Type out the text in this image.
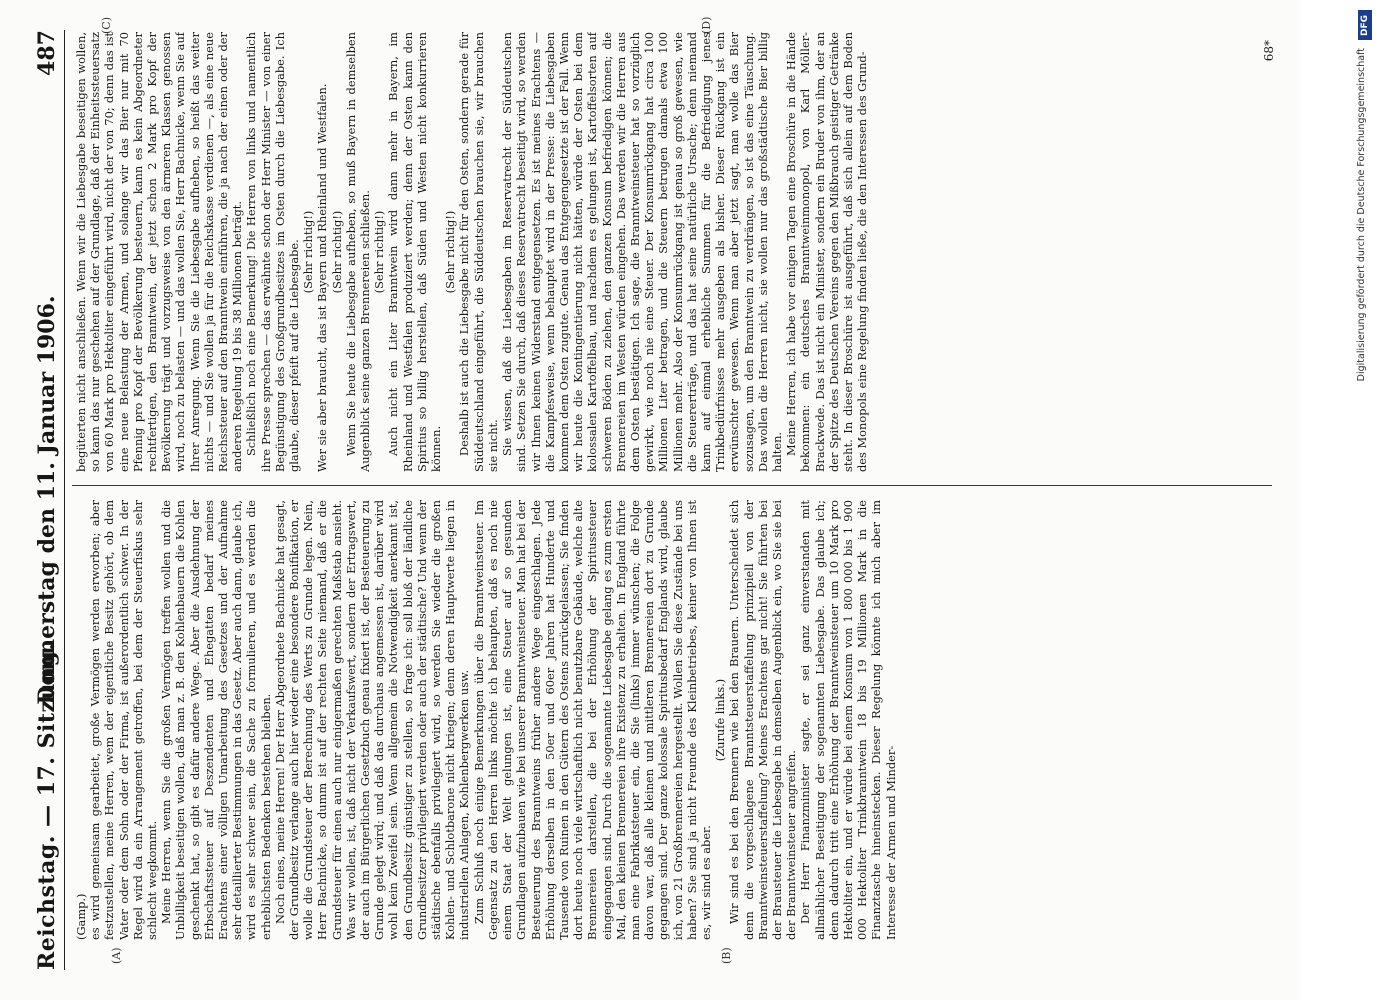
Reichstag. — 17. Sitzung.
Donnerstag den 11. Januar 1906.
487
(A)	(B)
(C)	(D)

(Gamp.) es wird gemeinsam gearbeitet, große Vermögen werden erworben; aber festzustellen, meine Herren, wem der eigentliche Besitz gehört, ob dem Vater oder dem Sohn oder der Firma, ist außerordentlich schwer. In der Regel wird da ein Arrangement getroffen, bei dem der Steuerfiskus sehr schlecht wegkommt. Meine Herren, wenn Sie die großen Vermögen treffen wollen und die Unbilligkeit beseitigen wollen, daß man z. B. den Kohlenbauern die Kohlen geschenkt hat, so gibt es dafür andere Wege. Aber die Ausdehnung der Erbschaftssteuer auf Deszendenten und Ehegatten bedarf meines Erachtens einer völligen Umarbeitung des Gesetzes und der Aufnahme sehr detaillierter Bestimmungen in das Gesetz. Aber auch dann, glaube ich, wird es sehr schwer sein, die Sache zu formulieren, und es werden die erheblichsten Bedenken bestehen bleiben. Noch eines, meine Herren! Der Herr Abgeordnete Bachnicke hat gesagt, der Grundbesitz verlange auch hier wieder eine besondere Bonifikation, er wolle die Grundsteuer der Berechnung des Werts zu Grunde legen. Nein, Herr Bachnicke, so dumm ist auf der rechten Seite niemand, daß er die Grundsteuer für einen auch nur einigermaßen gerechten Maßstab ansieht. Was wir wollen, ist, daß nicht der Verkaufswert, sondern der Ertragswert, der auch im Bürgerlichen Gesetzbuch genau fixiert ist, der Besteuerung zu Grunde gelegt wird; und daß das durchaus angemessen ist, darüber wird wohl kein Zweifel sein. Wenn allgemein die Notwendigkeit anerkannt ist, den Grundbesitz günstiger zu stellen, so frage ich: soll bloß der ländliche Grundbesitzer privilegiert werden oder auch der städtische? Und wenn der städtische ebenfalls privilegiert wird, so werden Sie wieder die großen Kohlen- und Schlotbarone nicht kriegen; denn deren Hauptwerte liegen in industriellen Anlagen, Kohlenbergwerken usw. Zum Schluß noch einige Bemerkungen über die Branntweinsteuer. Im Gegensatz zu den Herren links möchte ich behaupten, daß es noch nie einem Staat der Welt gelungen ist, eine Steuer auf so gesunden Grundlagen aufzubauen wie bei unserer Branntweinsteuer. Man hat bei der Besteuerung des Branntweins früher andere Wege eingeschlagen. Jede Erhöhung derselben in den 50er und 60er Jahren hat Hunderte und Tausende von Ruinen in den Gütern des Ostens zurückgelassen; Sie finden dort heute noch viele wirtschaftlich nicht benutzbare Gebäude, welche alte Brennereien darstellen, die bei der Erhöhung der Spiritussteuer eingegangen sind. Durch die sogenannte Liebesgabe gelang es zum ersten Mal, den kleinen Brennereien ihre Existenz zu erhalten. In England führte man eine Fabrikatsteuer ein, die Sie (links) immer wünschen; die Folge davon war, daß alle kleinen und mittleren Brennereien dort zu Grunde gegangen sind. Der ganze kolossale Spiritusbedarf Englands wird, glaube ich, von 21 Großbrennereien hergestellt. Wollen Sie diese Zustände bei uns haben? Sie sind ja nicht Freunde des Kleinbetriebes, keiner von Ihnen ist es, wir sind es aber.

(Zurufe links.) Wir sind es bei den Brennern wie bei den Brauern. Unterscheidet sich denn die vorgeschlagene Branntsteuerstaffelung prinzipiell von der Branntweinsteuerstaffelung? Meines Erachtens gar nicht! Sie führten bei der Brausteuer die Liebesgabe in demselben Augenblick ein, wo Sie sie bei der Branntweinsteuer angreifen. Der Herr Finanzminister sagte, er sei ganz einverstanden mit allmählicher Beseitigung der sogenannten Liebesgabe. Das glaube ich; denn dadurch tritt eine Erhöhung der Branntweinsteuer um 10 Mark pro Hektoliter ein, und er würde bei einem Konsum von 1 800 000 bis 1 900 000 Hektoliter Trinkbranntwein 18 bis 19 Millionen Mark in die Finanztasche hineinstecken. Dieser Regelung könnte ich mich aber im Interesse der Armen und Minder-

begüterten nicht anschließen. Wenn wir die Liebesgabe beseitigen wollen, so kann das nur geschehen auf der Grundlage, daß der Einheitssteuersatz von 60 Mark pro Hektoliter eingeführt wird, nicht der von 70; denn das ist eine neue Belastung der Armen, und solange wir das Bier nur mit 70 Pfennig pro Kopf der Bevölkerung besteuern, kann es kein Abgeordneter rechtfertigen, den Branntwein, der jetzt schon 2 Mark pro Kopf der Bevölkerung trägt und vorzugsweise von den ärmeren Klassen genossen wird, noch zu belasten — und das wollen Sie, Herr Bachnicke, wenn Sie auf Ihrer Anregung. Wenn Sie die Liebesgabe aufheben, so heißt das weiter nichts — und Sie wollen ja für die Reichskasse verdienen —, als eine neue Reichssteuer auf den Branntwein einführen, die ja nach der einen oder der anderen Regelung 19 bis 38 Millionen beträgt. Schließlich noch eine Bemerkung! Die Herren von links und namentlich ihre Presse sprechen — das erwähnte schon der Herr Minister — von einer Begünstigung des Großgrundbesitzes im Osten durch die Liebesgabe. Ich glaube, dieser pfeift auf die Liebesgabe. (Sehr richtig!) Wer sie aber braucht, das ist Bayern und Rheinland und Westfalen. (Sehr richtig!) Wenn Sie heute die Liebesgabe aufheben, so muß Bayern in demselben Augenblick seine ganzen Brennereien schließen. (Sehr richtig!) Auch nicht ein Liter Branntwein wird dann mehr in Bayern, im Rheinland und Westfalen produziert werden; denn der Osten kann den Spiritus so billig herstellen, daß Süden und Westen nicht konkurrieren können.

(Sehr richtig!) Deshalb ist auch die Liebesgabe nicht für den Osten, sondern gerade für Süddeutschland eingeführt, die Süddeutschen brauchen sie, wir brauchen sie nicht. Sie wissen, daß die Liebesgaben im Reservatrecht der Süddeutschen sind. Setzen Sie durch, daß dieses Reservatrecht beseitigt wird, so werden wir Ihnen keinen Widerstand entgegensetzen. Es ist meines Erachtens — die Kampfesweise, wenn behauptet wird in der Presse: die Liebesgaben kommen dem Osten zugute. Genau das Entgegengesetzte ist der Fall. Wenn wir heute die Kontingentierung nicht hätten, würde der Osten bei dem kolossalen Kartoffelbau, und nachdem es gelungen ist, Kartoffelsorten auf schweren Böden zu ziehen, den ganzen Konsum befriedigen können; die Brennereien im Westen würden eingehen. Das werden wir die Herren aus dem Osten bestätigen. Ich sage, die Branntweinsteuer hat so vorzüglich gewirkt, wie noch nie eine Steuer. Der Konsumrückgang hat circa 100 Millionen Liter betragen, und die Steuern betrugen damals etwa 100 Millionen mehr. Also der Konsumrückgang ist genau so groß gewesen, wie die Steuererträge, und das hat seine natürliche Ursache; denn niemand kann auf einmal erhebliche Summen für die Befriedigung jenes Trinkbedürfnisses mehr ausgeben als bisher. Dieser Rückgang ist ein erwünschter gewesen. Wenn man aber jetzt sagt, man wolle das Bier sozusagen, um den Branntwein zu verdrängen, so ist das eine Täuschung. Das wollen die Herren nicht, sie wollen nur das großstädtische Bier billig halten. Meine Herren, ich habe vor einigen Tagen eine Broschüre in die Hände bekommen: ein deutsches Branntweinmonopol, von Karl Möller-Brackwede. Das ist nicht ein Minister, sondern ein Bruder von ihm, der an der Spitze des Deutschen Vereins gegen den Mißbrauch geistiger Getränke steht. In dieser Broschüre ist ausgeführt, daß sich allein auf dem Boden des Monopols eine Regelung finden ließe, die den Interessen des Grund-

68*
DFG
Digitalisierung gefördert durch die Deutsche Forschungsgemeinschaft
